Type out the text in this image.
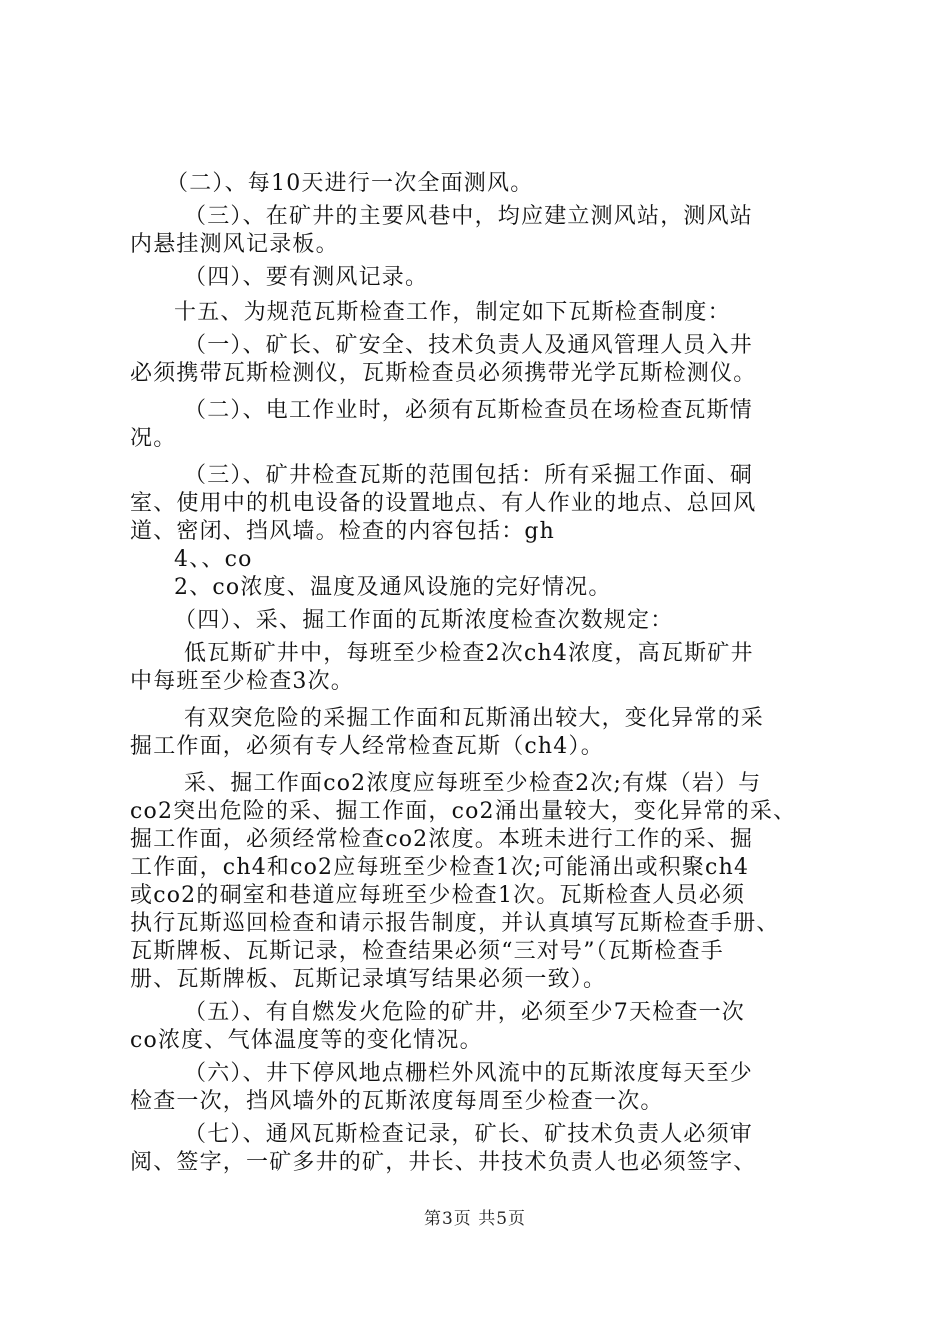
（二）、每10天进行一次全面测风。
（三）、在矿井的主要风巷中，均应建立测风站，测风站
内悬挂测风记录板。
（四）、要有测风记录。
十五、为规范瓦斯检查工作，制定如下瓦斯检查制度：
（一）、矿长、矿安全、技术负责人及通风管理人员入井
必须携带瓦斯检测仪，瓦斯检查员必须携带光学瓦斯检测仪。
（二）、电工作业时，必须有瓦斯检查员在场检查瓦斯情
况。
（三）、矿井检查瓦斯的范围包括：所有采掘工作面、硐
室、使用中的机电设备的设置地点、有人作业的地点、总回风
道、密闭、挡风墙。检查的内容包括：gh
4、、co
2、co浓度、温度及通风设施的完好情况。
（四）、采、掘工作面的瓦斯浓度检查次数规定：
低瓦斯矿井中，每班至少检查2次ch4浓度，高瓦斯矿井
中每班至少检查3次。
有双突危险的采掘工作面和瓦斯涌出较大，变化异常的采
掘工作面，必须有专人经常检查瓦斯（ch4）。
采、掘工作面co2浓度应每班至少检查2次;有煤（岩）与
co2突出危险的采、掘工作面，co2涌出量较大，变化异常的采、
掘工作面，必须经常检查co2浓度。本班未进行工作的采、掘
工作面，ch4和co2应每班至少检查1次;可能涌出或积聚ch4
或co2的硐室和巷道应每班至少检查1次。瓦斯检查人员必须
执行瓦斯巡回检查和请示报告制度，并认真填写瓦斯检查手册、
瓦斯牌板、瓦斯记录，检查结果必须“三对号”（瓦斯检查手
册、瓦斯牌板、瓦斯记录填写结果必须一致）。
（五）、有自燃发火危险的矿井，必须至少7天检查一次
co浓度、气体温度等的变化情况。
（六）、井下停风地点栅栏外风流中的瓦斯浓度每天至少
检查一次，挡风墙外的瓦斯浓度每周至少检查一次。
（七）、通风瓦斯检查记录，矿长、矿技术负责人必须审
阅、签字，一矿多井的矿，井长、井技术负责人也必须签字、
第3页 共5页
